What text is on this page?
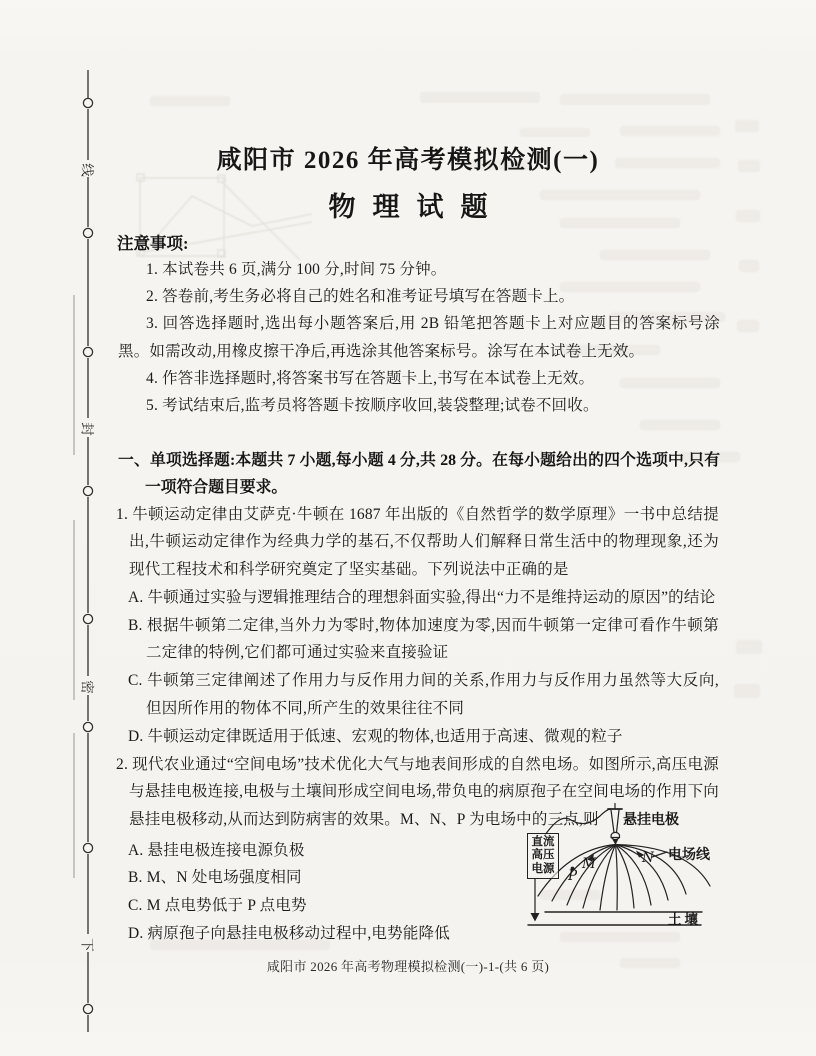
线
封
密
下
咸阳市 2026 年高考模拟检测(一)
物理试题
注意事项:
1. 本试卷共 6 页,满分 100 分,时间 75 分钟。
2. 答卷前,考生务必将自己的姓名和准考证号填写在答题卡上。
3. 回答选择题时,选出每小题答案后,用 2B 铅笔把答题卡上对应题目的答案标号涂黑。如需改动,用橡皮擦干净后,再选涂其他答案标号。涂写在本试卷上无效。
4. 作答非选择题时,将答案书写在答题卡上,书写在本试卷上无效。
5. 考试结束后,监考员将答题卡按顺序收回,装袋整理;试卷不回收。
一、单项选择题:本题共 7 小题,每小题 4 分,共 28 分。在每小题给出的四个选项中,只有一项符合题目要求。
1. 牛顿运动定律由艾萨克·牛顿在 1687 年出版的《自然哲学的数学原理》一书中总结提出,牛顿运动定律作为经典力学的基石,不仅帮助人们解释日常生活中的物理现象,还为现代工程技术和科学研究奠定了坚实基础。下列说法中正确的是
A. 牛顿通过实验与逻辑推理结合的理想斜面实验,得出“力不是维持运动的原因”的结论
B. 根据牛顿第二定律,当外力为零时,物体加速度为零,因而牛顿第一定律可看作牛顿第二定律的特例,它们都可通过实验来直接验证
C. 牛顿第三定律阐述了作用力与反作用力间的关系,作用力与反作用力虽然等大反向,但因所作用的物体不同,所产生的效果往往不同
D. 牛顿运动定律既适用于低速、宏观的物体,也适用于高速、微观的粒子
2. 现代农业通过“空间电场”技术优化大气与地表间形成的自然电场。如图所示,高压电源与悬挂电极连接,电极与土壤间形成空间电场,带负电的病原孢子在空间电场的作用下向悬挂电极移动,从而达到防病害的效果。M、N、P 为电场中的三点,则
A. 悬挂电极连接电源负极
B. M、N 处电场强度相同
C. M 点电势低于 P 点电势
D. 病原孢子向悬挂电极移动过程中,电势能降低
直流
高压
电源
悬挂电极
电场线
土壤
M	N
P
咸阳市 2026 年高考物理模拟检测(一)-1-(共 6 页)
